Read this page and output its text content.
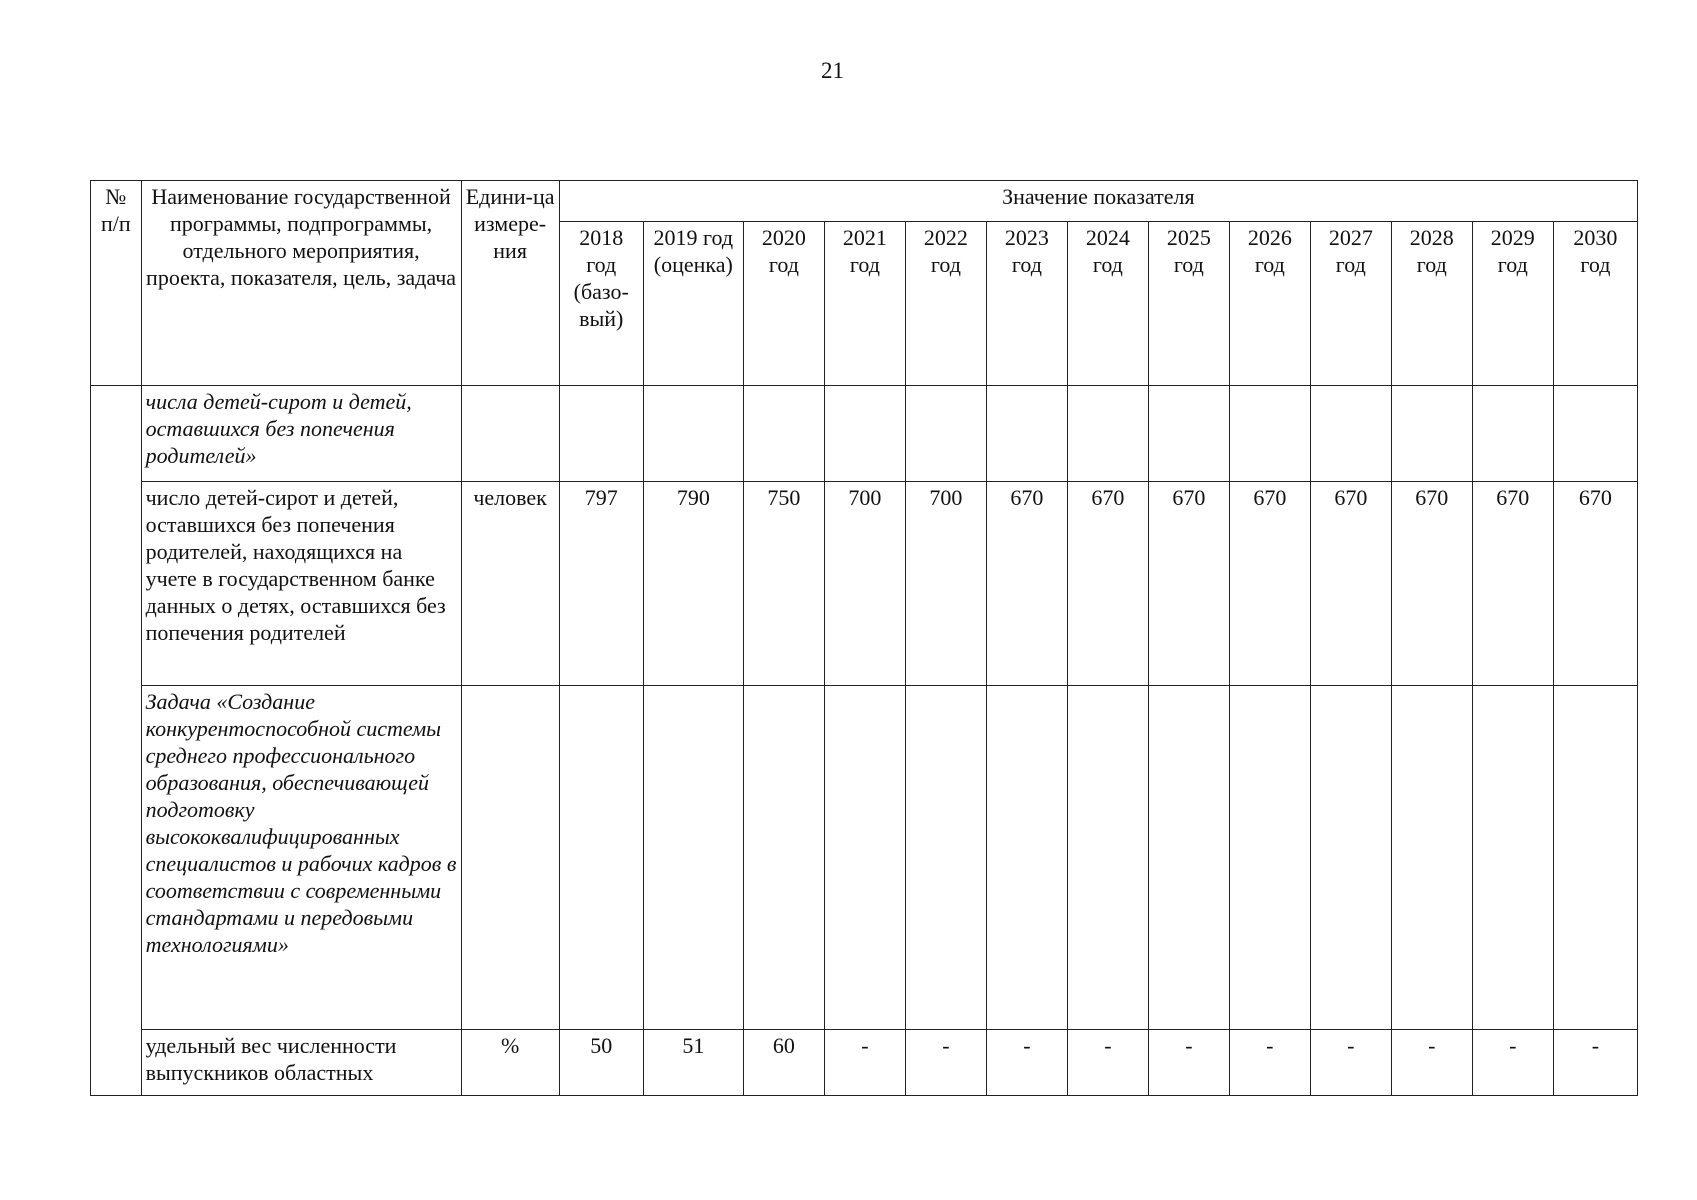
21
№ п/п	Наименование государственной программы, подпрограммы, отдельного мероприятия, проекта, показателя, цель, задача	Едини-ца измере-ния	Значение показателя												
			2018 год (базо-вый)	2019 год (оценка)	2020 год	2021 год	2022 год	2023 год	2024 год	2025 год	2026 год	2027 год	2028 год	2029 год	2030 год
	числа детей-сирот и детей, оставшихся без попечения родителей»														
	число детей-сирот и детей, оставшихся без попечения родителей, находящихся на учете в государственном банке данных о детях, оставшихся без попечения родителей	человек	797	790	750	700	700	670	670	670	670	670	670	670	670
	Задача «Создание конкурентоспособной системы среднего профессионального образования, обеспечивающей подготовку высококвалифицированных специалистов и рабочих кадров в соответствии с современными стандартами и передовыми технологиями»														
	удельный вес численности выпускников областных	%	50	51	60	-	-	-	-	-	-	-	-	-	-
